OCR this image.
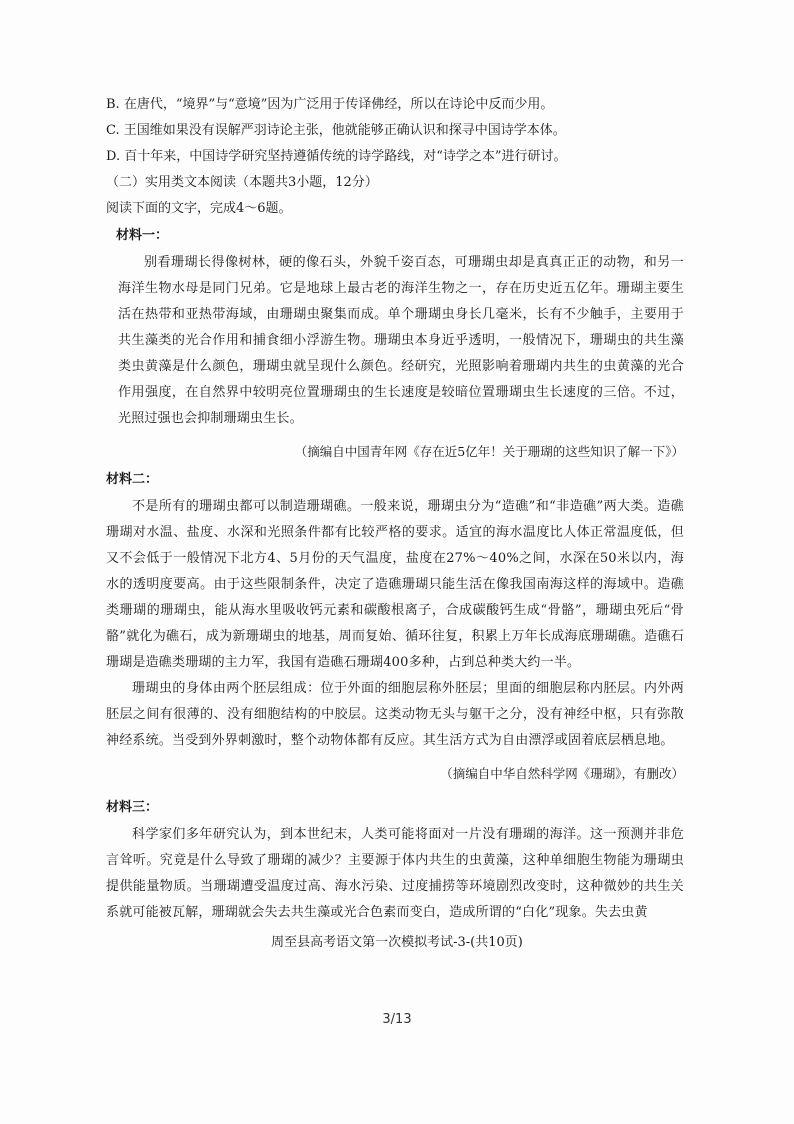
B. 在唐代，“境界”与“意境”因为广泛用于传译佛经，所以在诗论中反而少用。
C. 王国维如果没有误解严羽诗论主张，他就能够正确认识和探寻中国诗学本体。
D. 百十年来，中国诗学研究坚持遵循传统的诗学路线，对“诗学之本”进行研讨。
（二）实用类文本阅读（本题共3小题，12分）
阅读下面的文字，完成4～6题。
材料一：

别看珊瑚长得像树林，硬的像石头，外貌千姿百态，可珊瑚虫却是真真正正的动物，和另一海洋生物水母是同门兄弟。它是地球上最古老的海洋生物之一，存在历史近五亿年。珊瑚主要生活在热带和亚热带海域，由珊瑚虫聚集而成。单个珊瑚虫身长几毫米，长有不少触手，主要用于共生藻类的光合作用和捕食细小浮游生物。珊瑚虫本身近乎透明，一般情况下，珊瑚虫的共生藻类虫黄藻是什么颜色，珊瑚虫就呈现什么颜色。经研究，光照影响着珊瑚内共生的虫黄藻的光合作用强度，在自然界中较明亮位置珊瑚虫的生长速度是较暗位置珊瑚虫生长速度的三倍。不过，光照过强也会抑制珊瑚虫生长。

（摘编自中国青年网《存在近5亿年！关于珊瑚的这些知识了解一下》）
材料二：

不是所有的珊瑚虫都可以制造珊瑚礁。一般来说，珊瑚虫分为“造礁”和“非造礁”两大类。造礁珊瑚对水温、盐度、水深和光照条件都有比较严格的要求。适宜的海水温度比人体正常温度低，但又不会低于一般情况下北方4、5月份的天气温度，盐度在27%～40%之间，水深在50米以内，海水的透明度要高。由于这些限制条件，决定了造礁珊瑚只能生活在像我国南海这样的海域中。造礁类珊瑚的珊瑚虫，能从海水里吸收钙元素和碳酸根离子，合成碳酸钙生成“骨骼”，珊瑚虫死后“骨骼”就化为礁石，成为新珊瑚虫的地基，周而复始、循环往复，积累上万年长成海底珊瑚礁。造礁石珊瑚是造礁类珊瑚的主力军，我国有造礁石珊瑚400多种，占到总种类大约一半。

珊瑚虫的身体由两个胚层组成：位于外面的细胞层称外胚层；里面的细胞层称内胚层。内外两胚层之间有很薄的、没有细胞结构的中胶层。这类动物无头与躯干之分，没有神经中枢，只有弥散神经系统。当受到外界刺激时，整个动物体都有反应。其生活方式为自由漂浮或固着底层栖息地。

（摘编自中华自然科学网《珊瑚》，有删改）
材料三：

科学家们多年研究认为，到本世纪末，人类可能将面对一片没有珊瑚的海洋。这一预测并非危言耸听。究竟是什么导致了珊瑚的减少？主要源于体内共生的虫黄藻，这种单细胞生物能为珊瑚虫提供能量物质。当珊瑚遭受温度过高、海水污染、过度捕捞等环境剧烈改变时，这种微妙的共生关系就可能被瓦解，珊瑚就会失去共生藻或光合色素而变白，造成所谓的“白化”现象。失去虫黄

周至县高考语文第一次模拟考试-3-(共10页)
3/13
